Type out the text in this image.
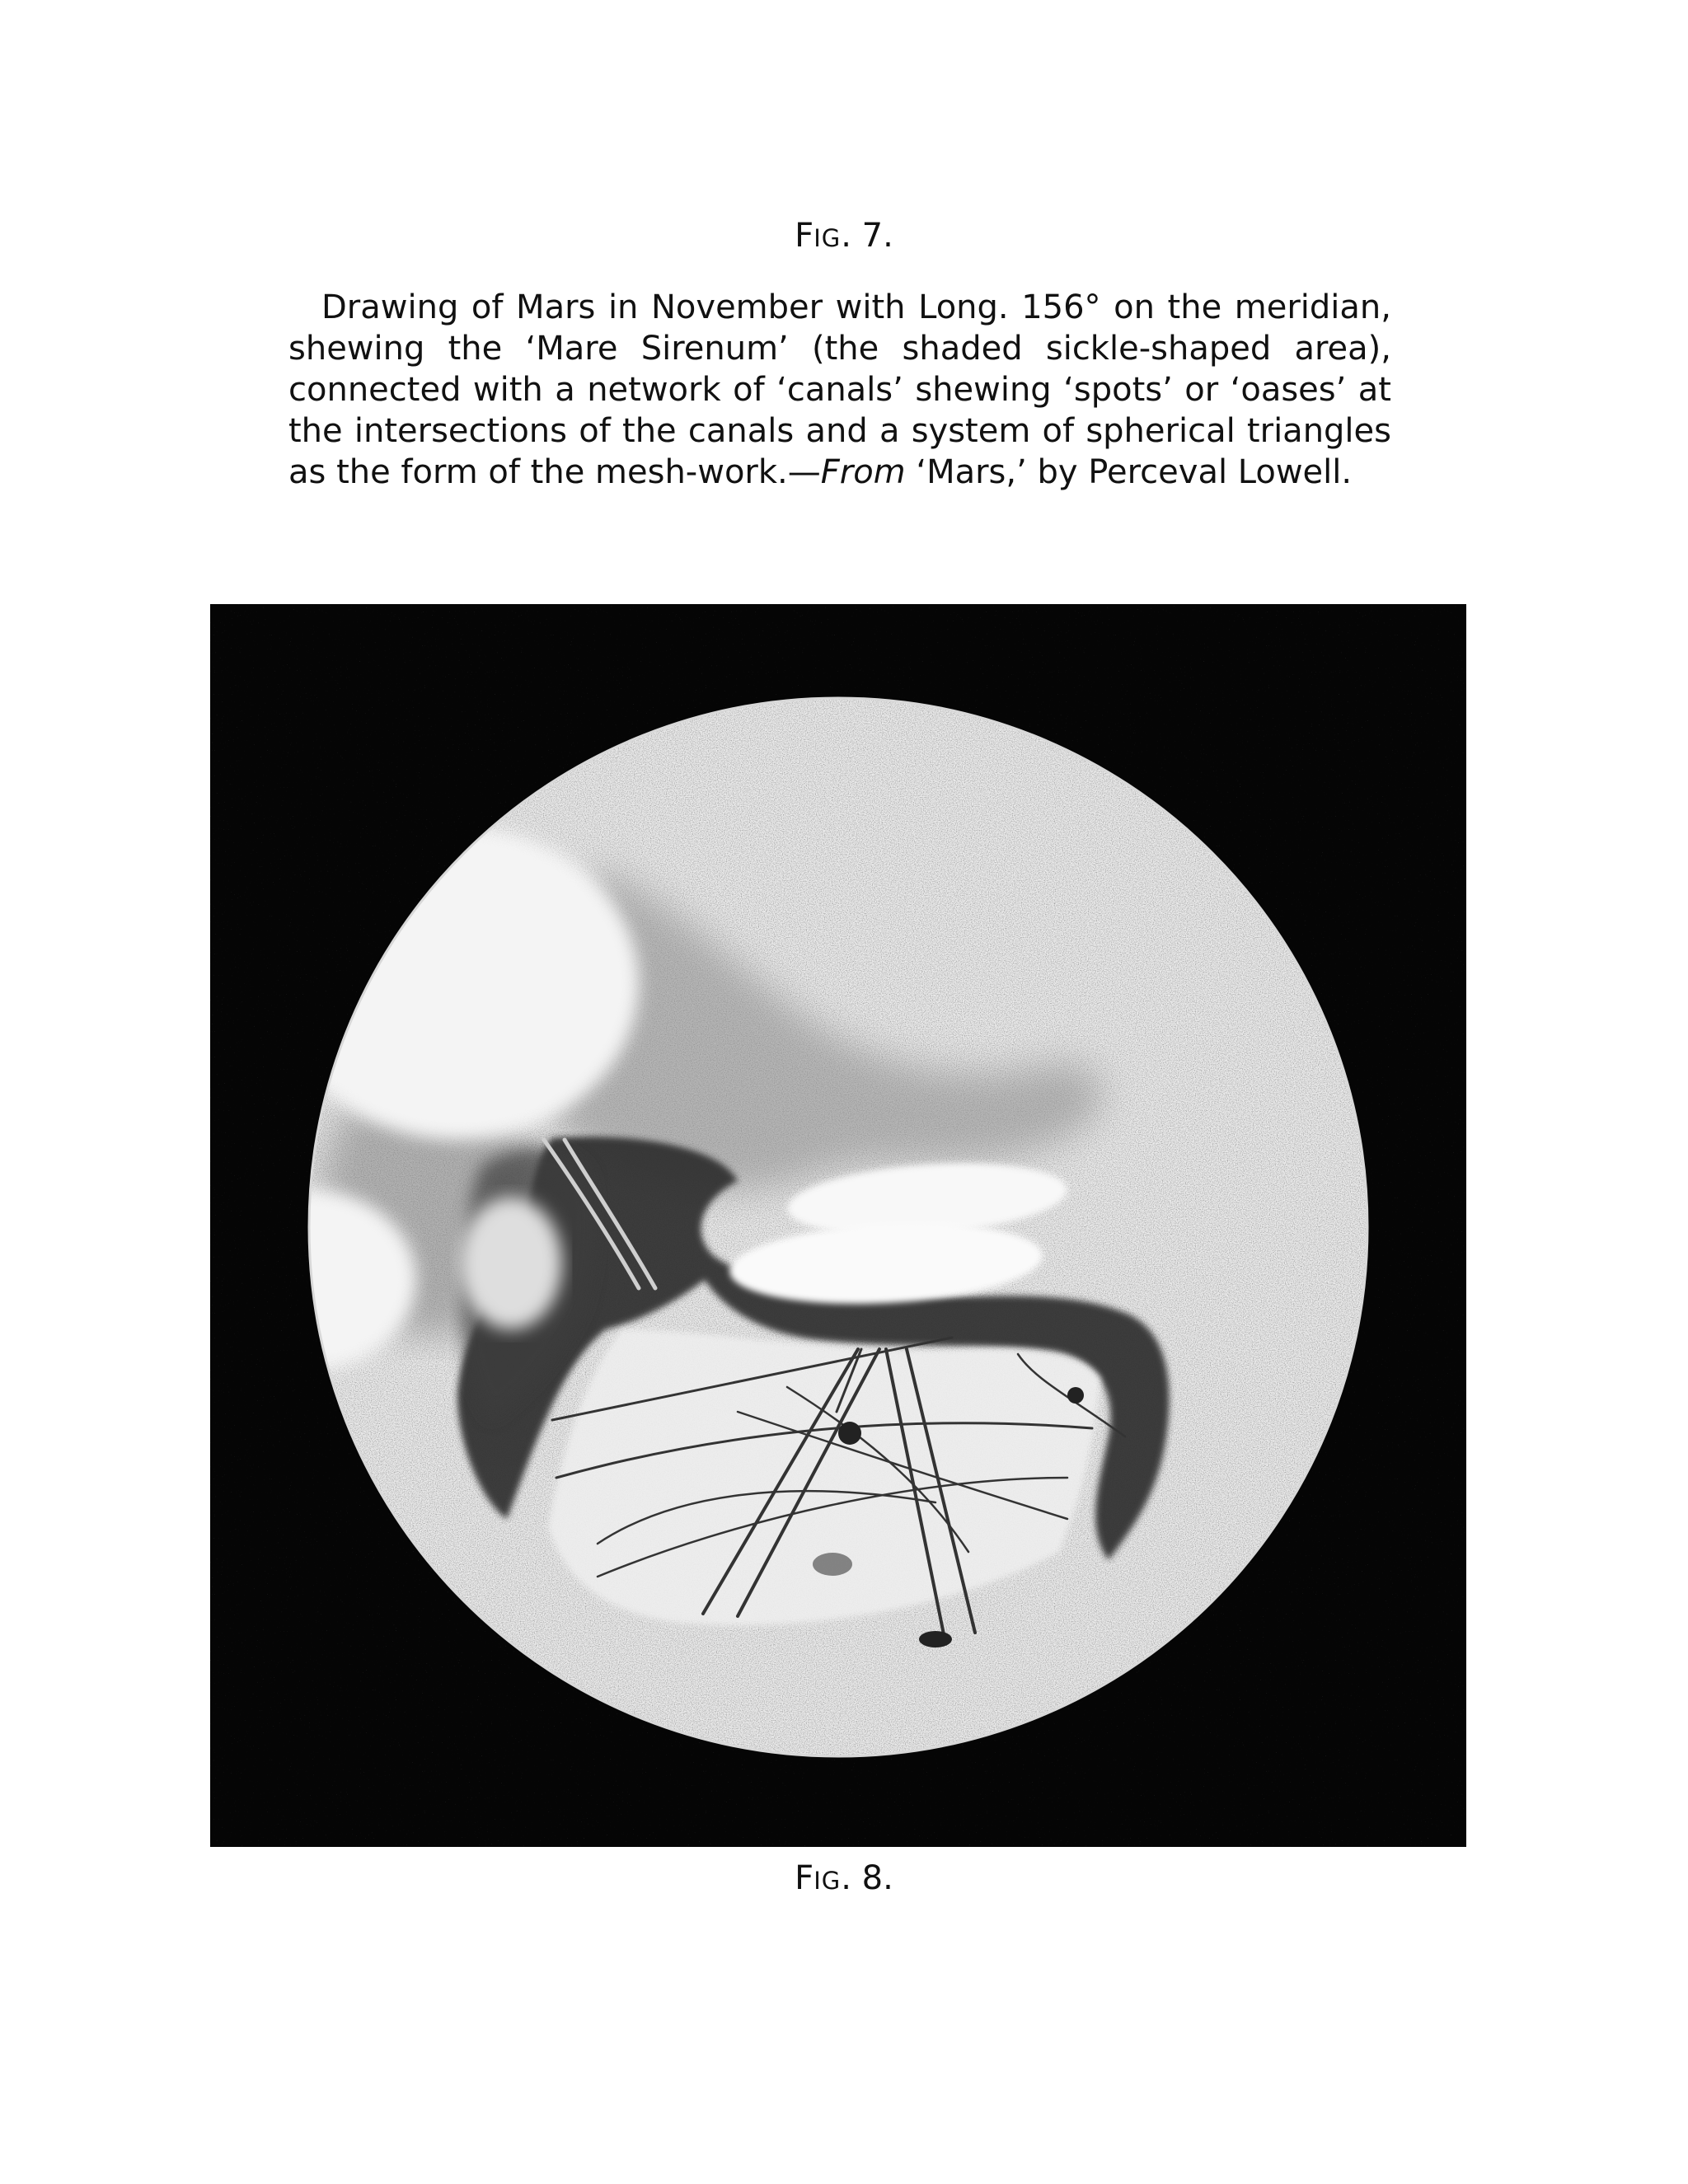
FIG. 7.

Drawing of Mars in November with Long. 156° on the meridian, shewing the ‘Mare Sirenum’ (the shaded sickle-shaped area), connected with a network of ‘canals’ shewing ‘spots’ or ‘oases’ at the intersections of the canals and a system of spherical triangles as the form of the mesh-work.—From ‘Mars,’ by Perceval Lowell.

FIG. 8.
